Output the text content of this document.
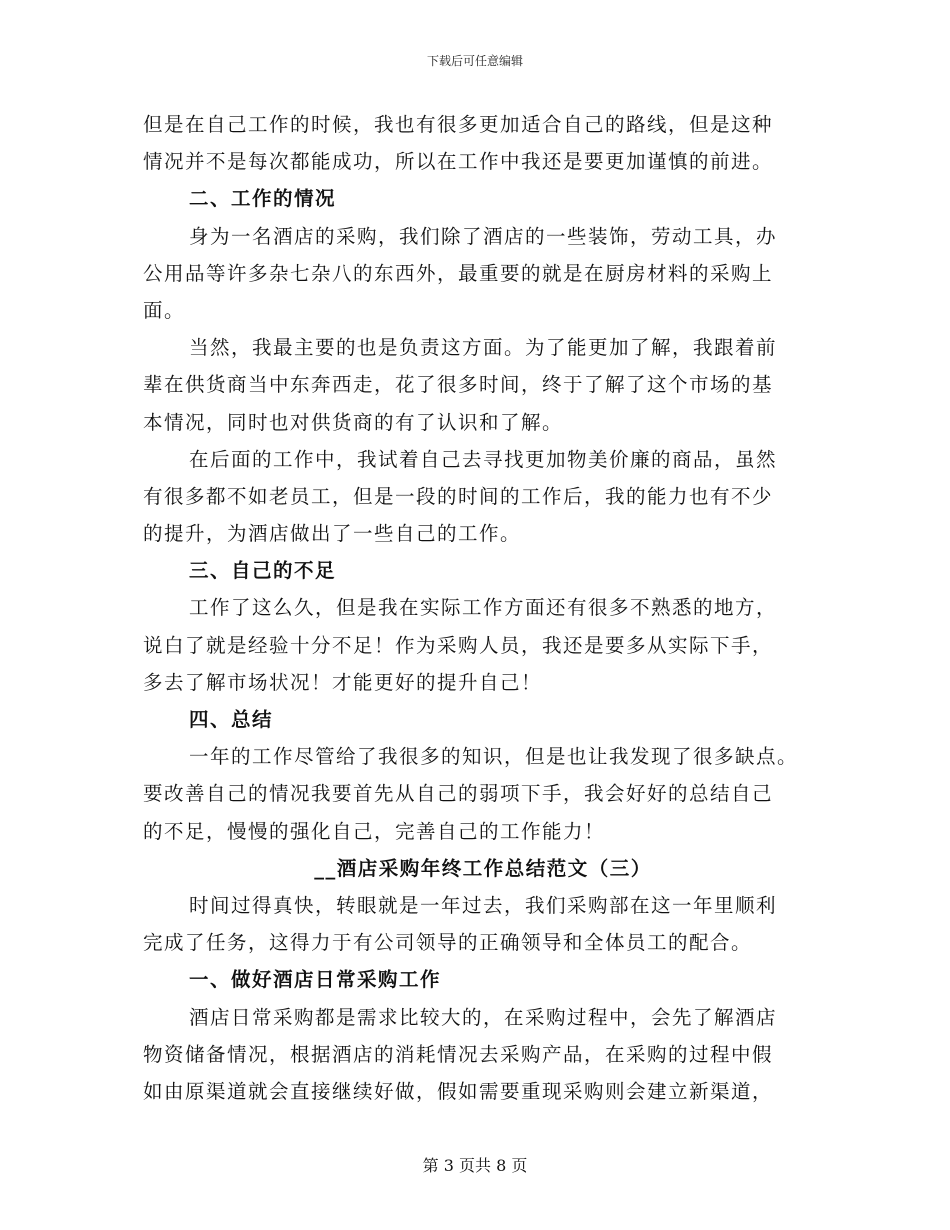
下载后可任意编辑
但是在自己工作的时候，我也有很多更加适合自己的路线，但是这种
情况并不是每次都能成功，所以在工作中我还是要更加谨慎的前进。
二、工作的情况
身为一名酒店的采购，我们除了酒店的一些装饰，劳动工具，办
公用品等许多杂七杂八的东西外，最重要的就是在厨房材料的采购上
面。
当然，我最主要的也是负责这方面。为了能更加了解，我跟着前
辈在供货商当中东奔西走，花了很多时间，终于了解了这个市场的基
本情况，同时也对供货商的有了认识和了解。
在后面的工作中，我试着自己去寻找更加物美价廉的商品，虽然
有很多都不如老员工，但是一段的时间的工作后，我的能力也有不少
的提升，为酒店做出了一些自己的工作。
三、自己的不足
工作了这么久，但是我在实际工作方面还有很多不熟悉的地方，
说白了就是经验十分不足！作为采购人员，我还是要多从实际下手，
多去了解市场状况！才能更好的提升自己！
四、总结
一年的工作尽管给了我很多的知识，但是也让我发现了很多缺点。
要改善自己的情况我要首先从自己的弱项下手，我会好好的总结自己
的不足，慢慢的强化自己，完善自己的工作能力！
__酒店采购年终工作总结范文（三）
时间过得真快，转眼就是一年过去，我们采购部在这一年里顺利
完成了任务，这得力于有公司领导的正确领导和全体员工的配合。
一、做好酒店日常采购工作
酒店日常采购都是需求比较大的，在采购过程中，会先了解酒店
物资储备情况，根据酒店的消耗情况去采购产品，在采购的过程中假
如由原渠道就会直接继续好做，假如需要重现采购则会建立新渠道，
第 3 页共 8 页
